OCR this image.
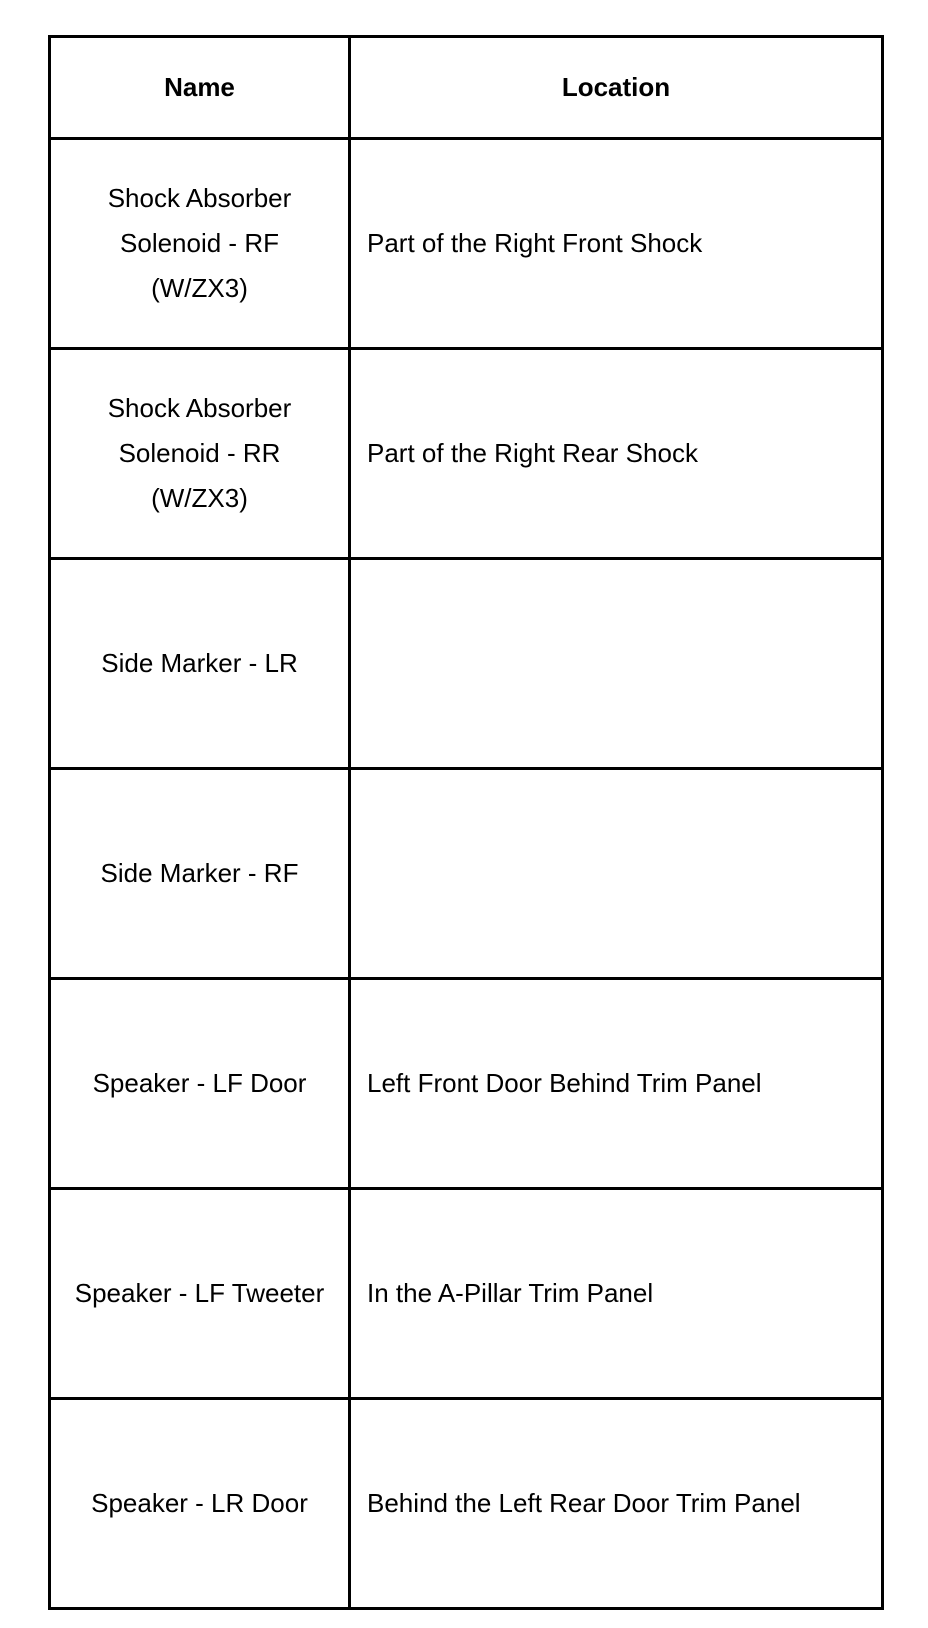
Name	Location

Shock Absorber Solenoid - RF (W/ZX3)	Part of the Right Front Shock

Shock Absorber Solenoid - RR (W/ZX3)	Part of the Right Rear Shock

Side Marker - LR	

Side Marker - RF	

Speaker - LF Door	Left Front Door Behind Trim Panel

Speaker - LF Tweeter	In the A-Pillar Trim Panel

Speaker - LR Door	Behind the Left Rear Door Trim Panel
